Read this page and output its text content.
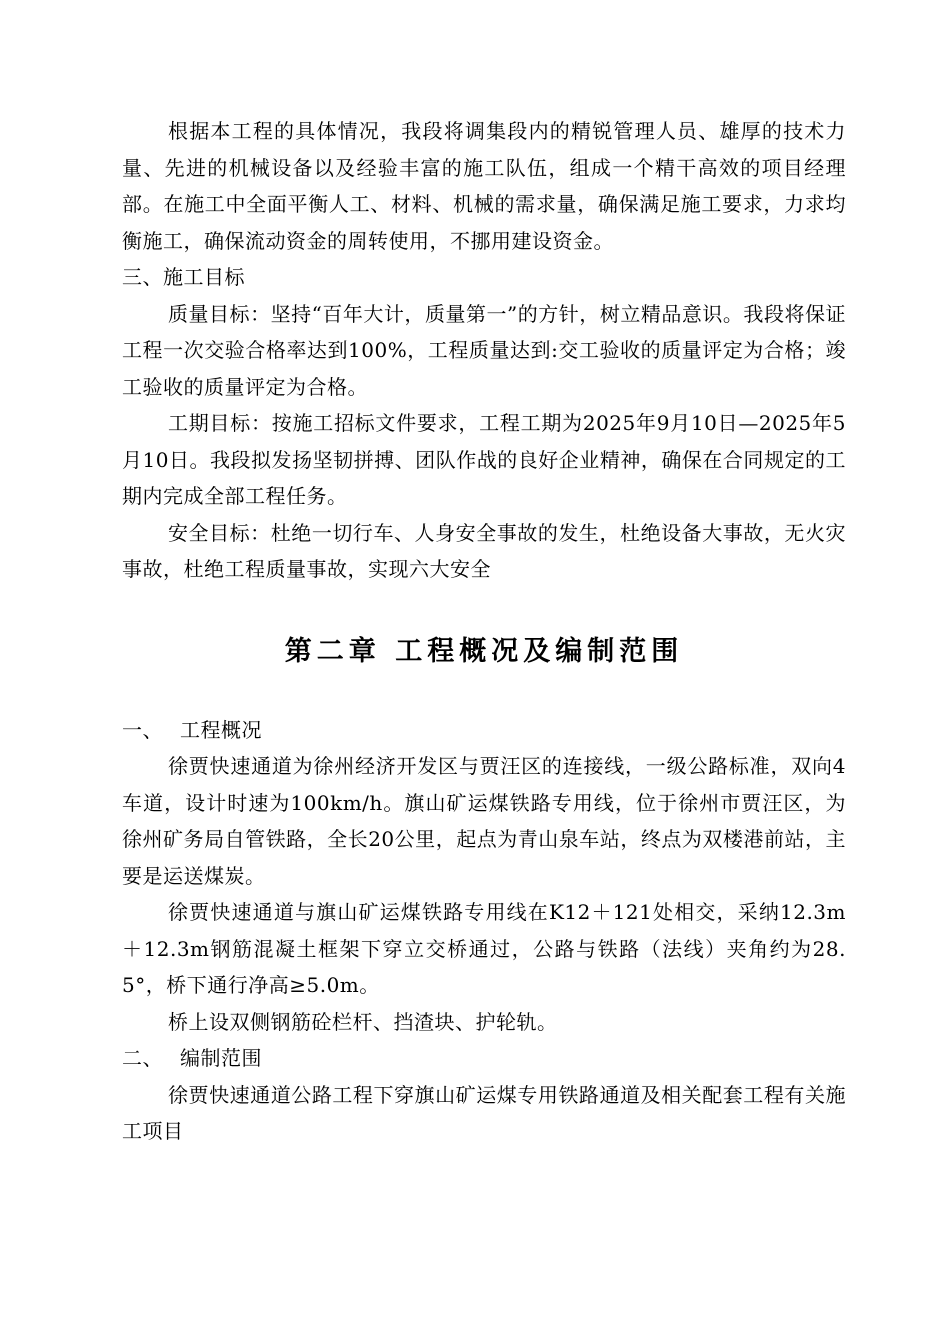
根据本工程的具体情况，我段将调集段内的精锐管理人员、雄厚的技术力量、先进的机械设备以及经验丰富的施工队伍，组成一个精干高效的项目经理部。在施工中全面平衡人工、材料、机械的需求量，确保满足施工要求，力求均衡施工，确保流动资金的周转使用，不挪用建设资金。

三、施工目标

质量目标：坚持“百年大计，质量第一”的方针，树立精品意识。我段将保证工程一次交验合格率达到100%，工程质量达到:交工验收的质量评定为合格；竣工验收的质量评定为合格。

工期目标：按施工招标文件要求，工程工期为2025年9月10日—2025年5月10日。我段拟发扬坚韧拼搏、团队作战的良好企业精神，确保在合同规定的工期内完成全部工程任务。

安全目标：杜绝一切行车、人身安全事故的发生，杜绝设备大事故，无火灾事故，杜绝工程质量事故，实现六大安全

第二章 工程概况及编制范围

一、 工程概况

徐贾快速通道为徐州经济开发区与贾汪区的连接线，一级公路标准，双向4车道，设计时速为100km/h。旗山矿运煤铁路专用线，位于徐州市贾汪区，为徐州矿务局自管铁路，全长20公里，起点为青山泉车站，终点为双楼港前站，主要是运送煤炭。

徐贾快速通道与旗山矿运煤铁路专用线在K12＋121处相交，采纳12.3m＋12.3m钢筋混凝土框架下穿立交桥通过，公路与铁路（法线）夹角约为28.5°，桥下通行净高≥5.0m。

桥上设双侧钢筋砼栏杆、挡渣块、护轮轨。

二、 编制范围

徐贾快速通道公路工程下穿旗山矿运煤专用铁路通道及相关配套工程有关施工项目
